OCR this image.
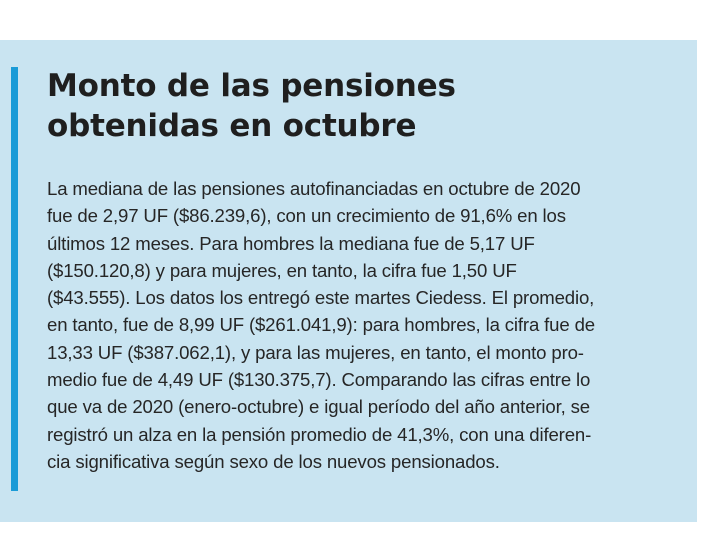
Monto de las pensiones
obtenidas en octubre

La mediana de las pensiones autofinanciadas en octubre de 2020
fue de 2,97 UF ($86.239,6), con un crecimiento de 91,6% en los
últimos 12 meses. Para hombres la mediana fue de 5,17 UF
($150.120,8) y para mujeres, en tanto, la cifra fue 1,50 UF
($43.555). Los datos los entregó este martes Ciedess. El promedio,
en tanto, fue de 8,99 UF ($261.041,9): para hombres, la cifra fue de
13,33 UF ($387.062,1), y para las mujeres, en tanto, el monto pro-
medio fue de 4,49 UF ($130.375,7). Comparando las cifras entre lo
que va de 2020 (enero-octubre) e igual período del año anterior, se
registró un alza en la pensión promedio de 41,3%, con una diferen-
cia significativa según sexo de los nuevos pensionados.
